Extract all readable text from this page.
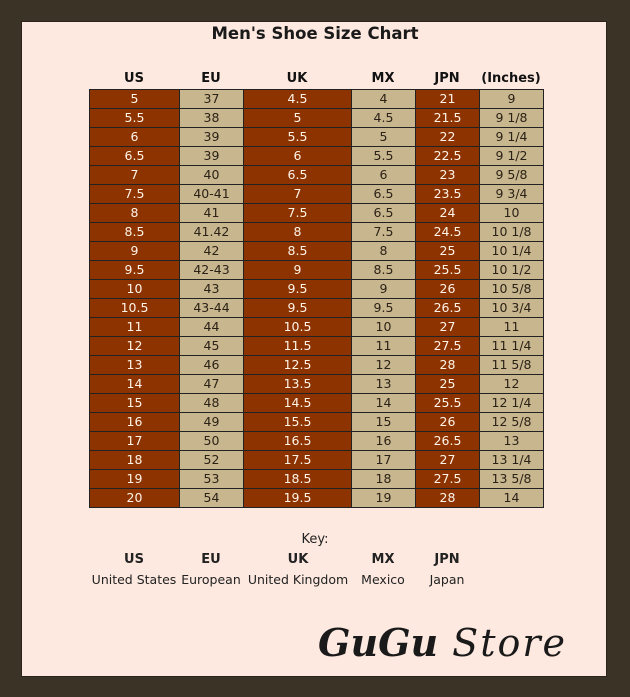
Men's Shoe Size Chart
US	EU	UK	MX	JPN	(Inches)
5	37	4.5	4	21	9
5.5	38	5	4.5	21.5	9 1/8
6	39	5.5	5	22	9 1/4
6.5	39	6	5.5	22.5	9 1/2
7	40	6.5	6	23	9 5/8
7.5	40-41	7	6.5	23.5	9 3/4
8	41	7.5	6.5	24	10
8.5	41.42	8	7.5	24.5	10 1/8
9	42	8.5	8	25	10 1/4
9.5	42-43	9	8.5	25.5	10 1/2
10	43	9.5	9	26	10 5/8
10.5	43-44	9.5	9.5	26.5	10 3/4
11	44	10.5	10	27	11
12	45	11.5	11	27.5	11 1/4
13	46	12.5	12	28	11 5/8
14	47	13.5	13	25	12
15	48	14.5	14	25.5	12 1/4
16	49	15.5	15	26	12 5/8
17	50	16.5	16	26.5	13
18	52	17.5	17	27	13 1/4
19	53	18.5	18	27.5	13 5/8
20	54	19.5	19	28	14
Key:
US
United States
EU
European
UK
United Kingdom
MX
Mexico
JPN
Japan
GuGu Store
